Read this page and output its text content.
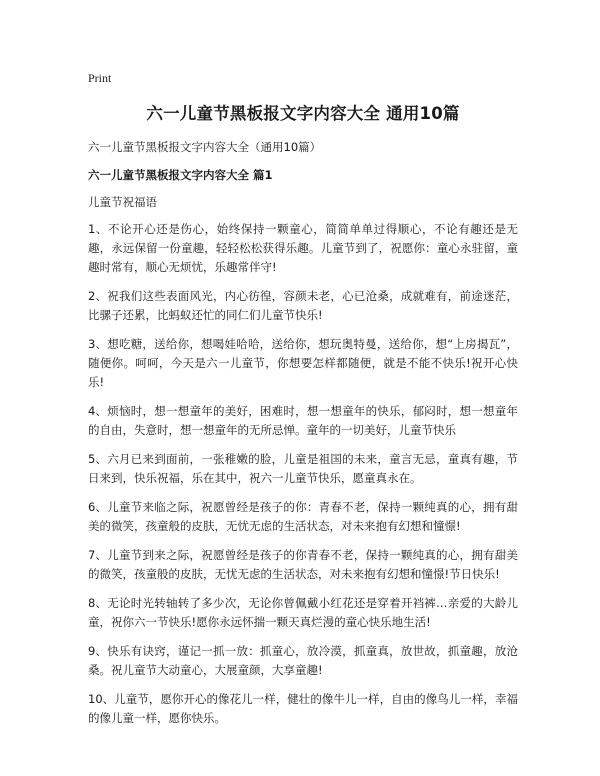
Print
六一儿童节黑板报文字内容大全 通用10篇
六一儿童节黑板报文字内容大全（通用10篇）
六一儿童节黑板报文字内容大全 篇1
儿童节祝福语
1、不论开心还是伤心，始终保持一颗童心，简简单单过得顺心，不论有趣还是无趣，永远保留一份童趣，轻轻松松获得乐趣。儿童节到了，祝愿你：童心永驻留，童趣时常有，顺心无烦忧，乐趣常伴守!
2、祝我们这些表面风光，内心彷徨，容颜未老，心已沧桑，成就难有，前途迷茫，比骡子还累，比蚂蚁还忙的同仁们儿童节快乐!
3、想吃糖，送给你，想喝娃哈哈，送给你，想玩奥特曼，送给你，想“上房揭瓦”，随便你。呵呵，今天是六一儿童节，你想要怎样都随便，就是不能不快乐!祝开心快乐!
4、烦恼时，想一想童年的美好，困难时，想一想童年的快乐，郁闷时，想一想童年的自由，失意时，想一想童年的无所忌惮。童年的一切美好，儿童节快乐
5、六月已来到面前，一张稚嫩的脸，儿童是祖国的未来，童言无忌，童真有趣，节日来到，快乐祝福，乐在其中，祝六一儿童节快乐，愿童真永在。
6、儿童节来临之际，祝愿曾经是孩子的你：青春不老，保持一颗纯真的心，拥有甜美的微笑，孩童般的皮肤，无忧无虑的生活状态，对未来抱有幻想和憧憬!
7、儿童节到来之际，祝愿曾经是孩子的你青春不老，保持一颗纯真的心，拥有甜美的微笑，孩童般的皮肤，无忧无虑的生活状态，对未来抱有幻想和憧憬!节日快乐!
8、无论时光转轴转了多少次，无论你曾佩戴小红花还是穿着开裆裤…亲爱的大龄儿童，祝你六一节快乐!愿你永远怀揣一颗天真烂漫的童心快乐地生活!
9、快乐有诀窍，谨记一抓一放：抓童心，放冷漠，抓童真，放世故，抓童趣，放沧桑。祝儿童节大动童心，大展童颜，大享童趣!
10、儿童节，愿你开心的像花儿一样，健壮的像牛儿一样，自由的像鸟儿一样，幸福的像儿童一样，愿你快乐。
